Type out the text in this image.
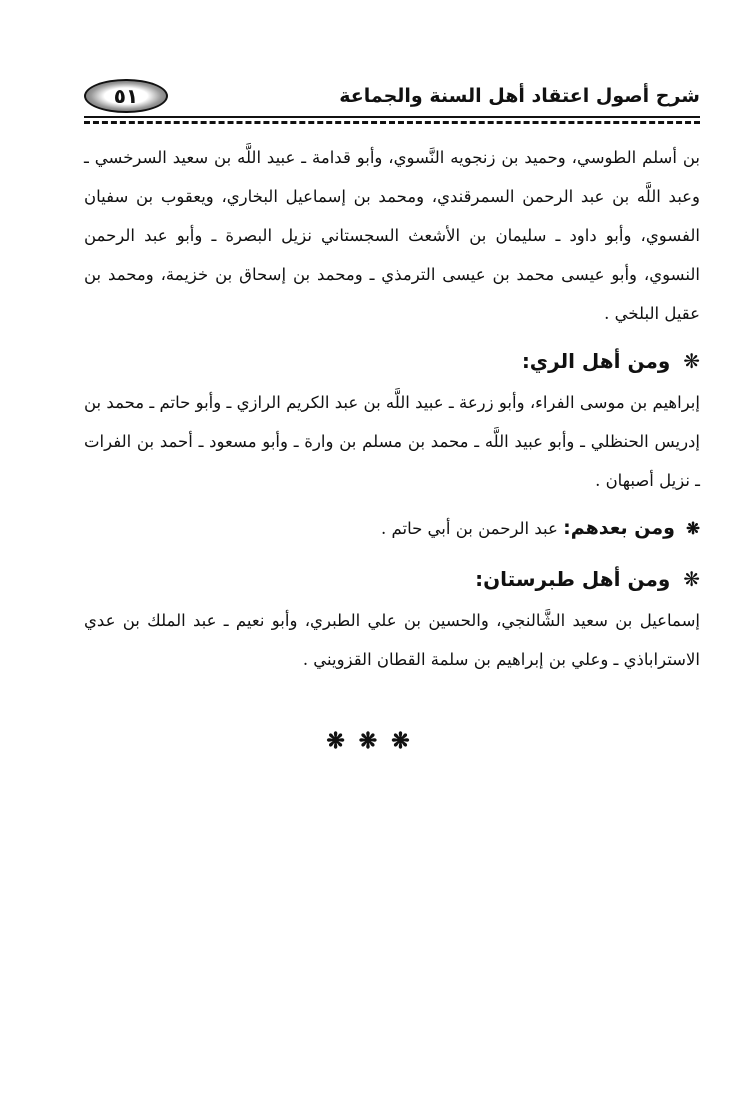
شرح أصول اعتقاد أهل السنة والجماعة
٥١

بن أسلم الطوسي، وحميد بن زنجويه النَّسوي، وأبو قدامة ـ عبيد اللَّه بن سعيد السرخسي ـ وعبد اللَّه بن عبد الرحمن السمرقندي، ومحمد بن إسماعيل البخاري، ويعقوب بن سفيان الفسوي، وأبو داود ـ سليمان بن الأشعث السجستاني نزيل البصرة ـ وأبو عبد الرحمن النسوي، وأبو عيسى محمد بن عيسى الترمذي ـ ومحمد بن إسحاق بن خزيمة، ومحمد بن عقيل البلخي .

❋ ومن أهل الري:

إبراهيم بن موسى الفراء، وأبو زرعة ـ عبيد اللَّه بن عبد الكريم الرازي ـ وأبو حاتم ـ محمد بن إدريس الحنظلي ـ وأبو عبيد اللَّه ـ محمد بن مسلم بن وارة ـ وأبو مسعود ـ أحمد بن الفرات ـ نزيل أصبهان .

❋ ومن بعدهم: عبد الرحمن بن أبي حاتم .

❋ ومن أهل طبرستان:

إسماعيل بن سعيد الشَّالنجي، والحسين بن علي الطبري، وأبو نعيم ـ عبد الملك بن عدي الاستراباذي ـ وعلي بن إبراهيم بن سلمة القطان القزويني .

❋❋❋
